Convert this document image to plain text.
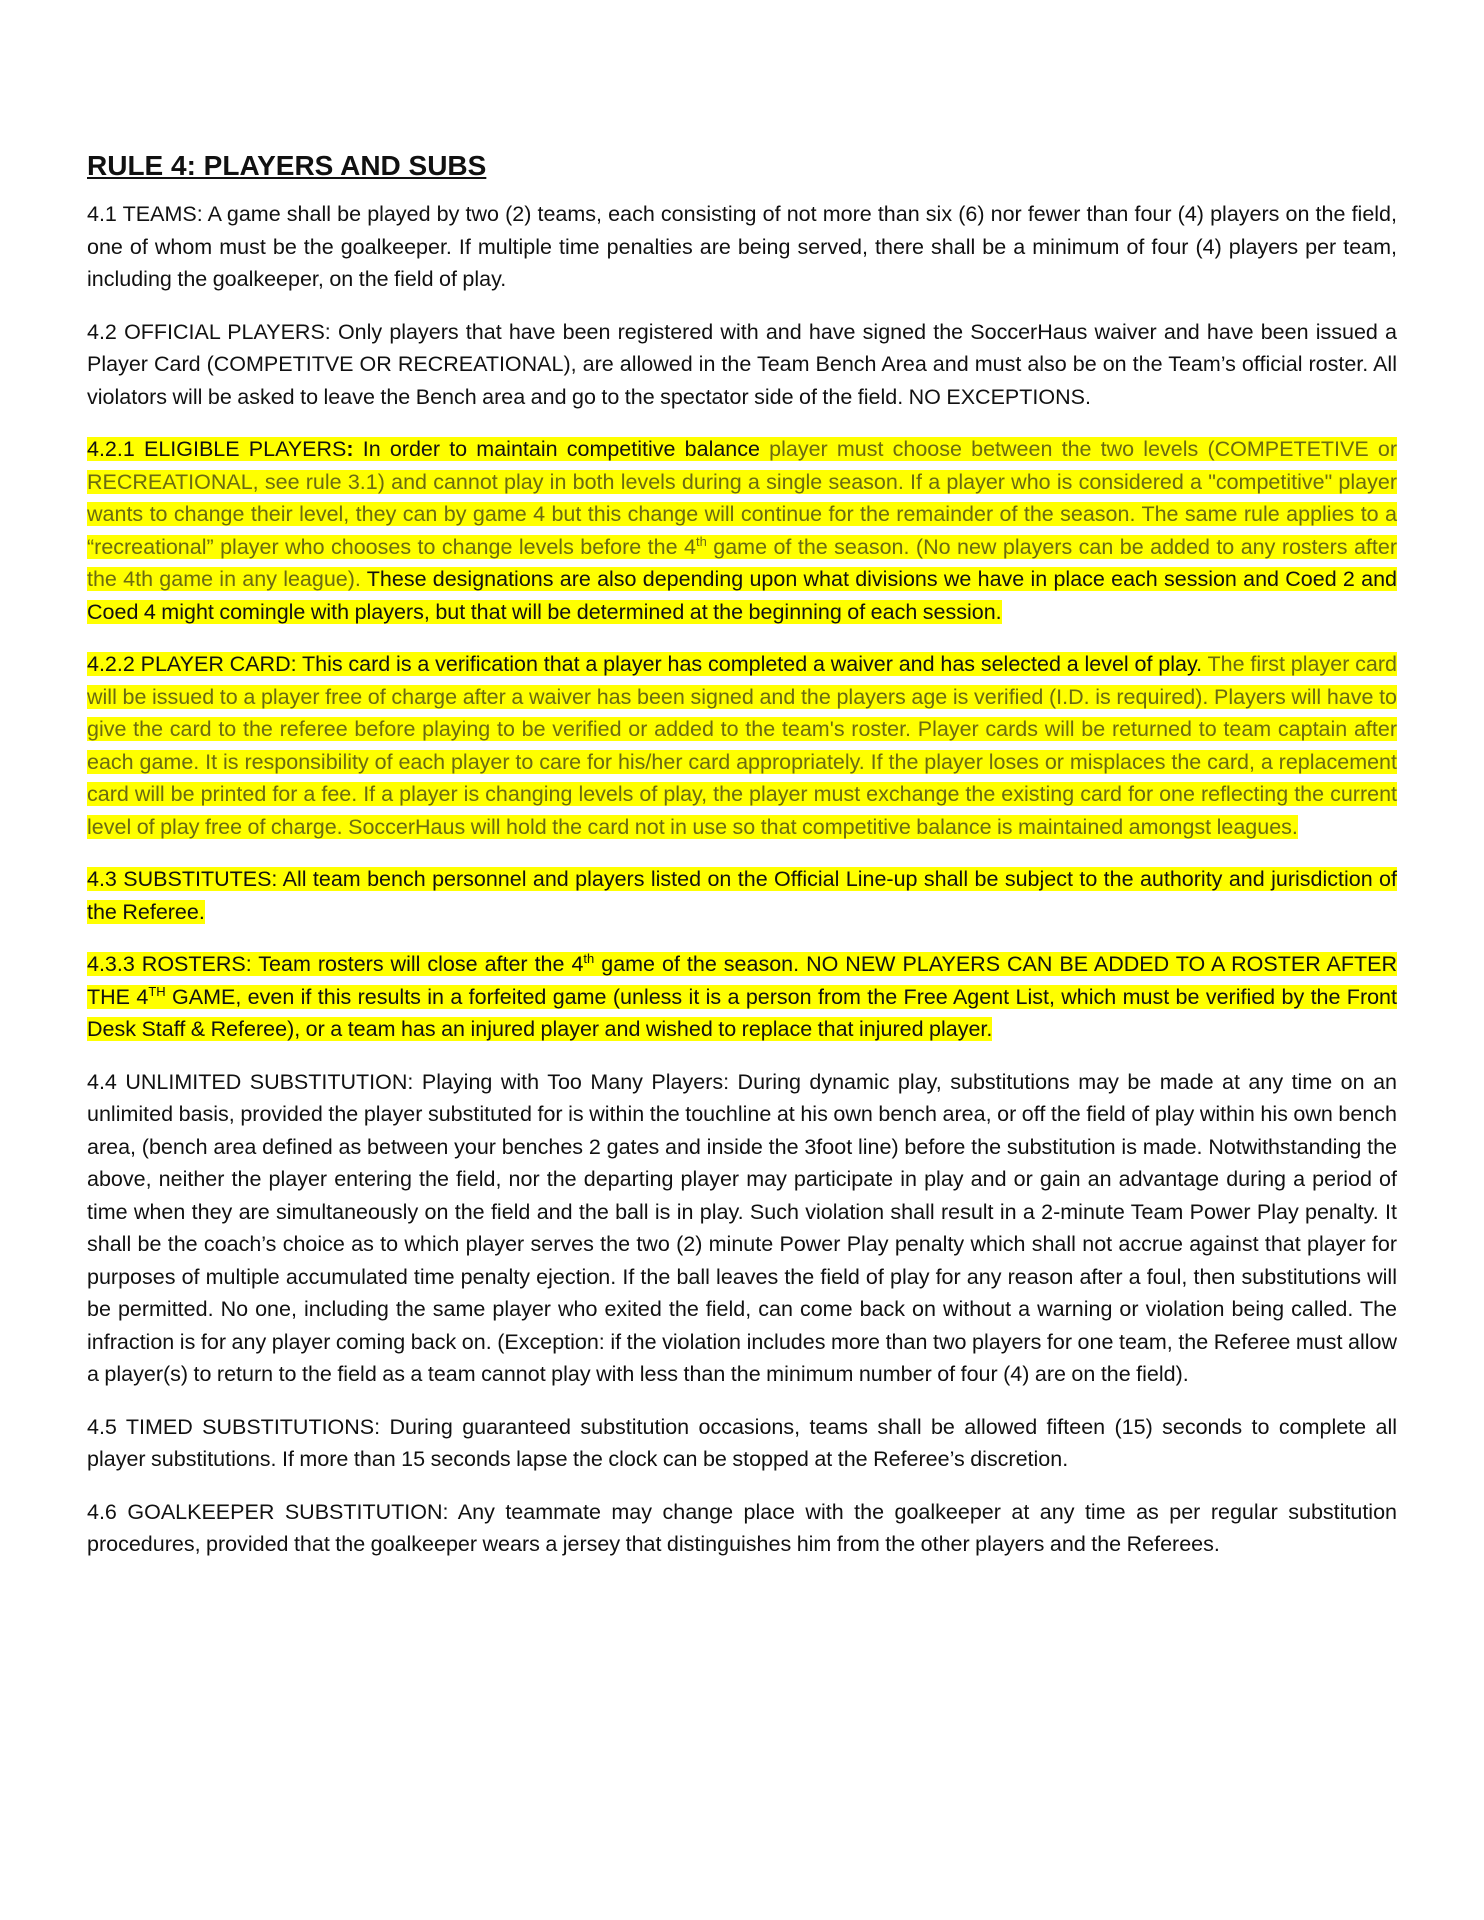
RULE 4: PLAYERS AND SUBS

4.1 TEAMS: A game shall be played by two (2) teams, each consisting of not more than six (6) nor fewer than four (4) players on the field, one of whom must be the goalkeeper. If multiple time penalties are being served, there shall be a minimum of four (4) players per team, including the goalkeeper, on the field of play.

4.2 OFFICIAL PLAYERS: Only players that have been registered with and have signed the SoccerHaus waiver and have been issued a Player Card (COMPETITVE OR RECREATIONAL), are allowed in the Team Bench Area and must also be on the Team’s official roster. All violators will be asked to leave the Bench area and go to the spectator side of the field. NO EXCEPTIONS.

4.2.1 ELIGIBLE PLAYERS: In order to maintain competitive balance player must choose between the two levels (COMPETETIVE or RECREATIONAL, see rule 3.1) and cannot play in both levels during a single season. If a player who is considered a "competitive" player wants to change their level, they can by game 4 but this change will continue for the remainder of the season. The same rule applies to a “recreational” player who chooses to change levels before the 4th game of the season. (No new players can be added to any rosters after the 4th game in any league). These designations are also depending upon what divisions we have in place each session and Coed 2 and Coed 4 might comingle with players, but that will be determined at the beginning of each session.

4.2.2 PLAYER CARD: This card is a verification that a player has completed a waiver and has selected a level of play. The first player card will be issued to a player free of charge after a waiver has been signed and the players age is verified (I.D. is required). Players will have to give the card to the referee before playing to be verified or added to the team's roster. Player cards will be returned to team captain after each game. It is responsibility of each player to care for his/her card appropriately. If the player loses or misplaces the card, a replacement card will be printed for a fee. If a player is changing levels of play, the player must exchange the existing card for one reflecting the current level of play free of charge. SoccerHaus will hold the card not in use so that competitive balance is maintained amongst leagues.

4.3 SUBSTITUTES: All team bench personnel and players listed on the Official Line-up shall be subject to the authority and jurisdiction of the Referee.

4.3.3 ROSTERS: Team rosters will close after the 4th game of the season. NO NEW PLAYERS CAN BE ADDED TO A ROSTER AFTER THE 4TH GAME, even if this results in a forfeited game (unless it is a person from the Free Agent List, which must be verified by the Front Desk Staff & Referee), or a team has an injured player and wished to replace that injured player.

4.4 UNLIMITED SUBSTITUTION: Playing with Too Many Players: During dynamic play, substitutions may be made at any time on an unlimited basis, provided the player substituted for is within the touchline at his own bench area, or off the field of play within his own bench area, (bench area defined as between your benches 2 gates and inside the 3foot line) before the substitution is made. Notwithstanding the above, neither the player entering the field, nor the departing player may participate in play and or gain an advantage during a period of time when they are simultaneously on the field and the ball is in play. Such violation shall result in a 2-minute Team Power Play penalty. It shall be the coach’s choice as to which player serves the two (2) minute Power Play penalty which shall not accrue against that player for purposes of multiple accumulated time penalty ejection. If the ball leaves the field of play for any reason after a foul, then substitutions will be permitted. No one, including the same player who exited the field, can come back on without a warning or violation being called. The infraction is for any player coming back on. (Exception: if the violation includes more than two players for one team, the Referee must allow a player(s) to return to the field as a team cannot play with less than the minimum number of four (4) are on the field).

4.5 TIMED SUBSTITUTIONS: During guaranteed substitution occasions, teams shall be allowed fifteen (15) seconds to complete all player substitutions. If more than 15 seconds lapse the clock can be stopped at the Referee’s discretion.

4.6 GOALKEEPER SUBSTITUTION: Any teammate may change place with the goalkeeper at any time as per regular substitution procedures, provided that the goalkeeper wears a jersey that distinguishes him from the other players and the Referees.
